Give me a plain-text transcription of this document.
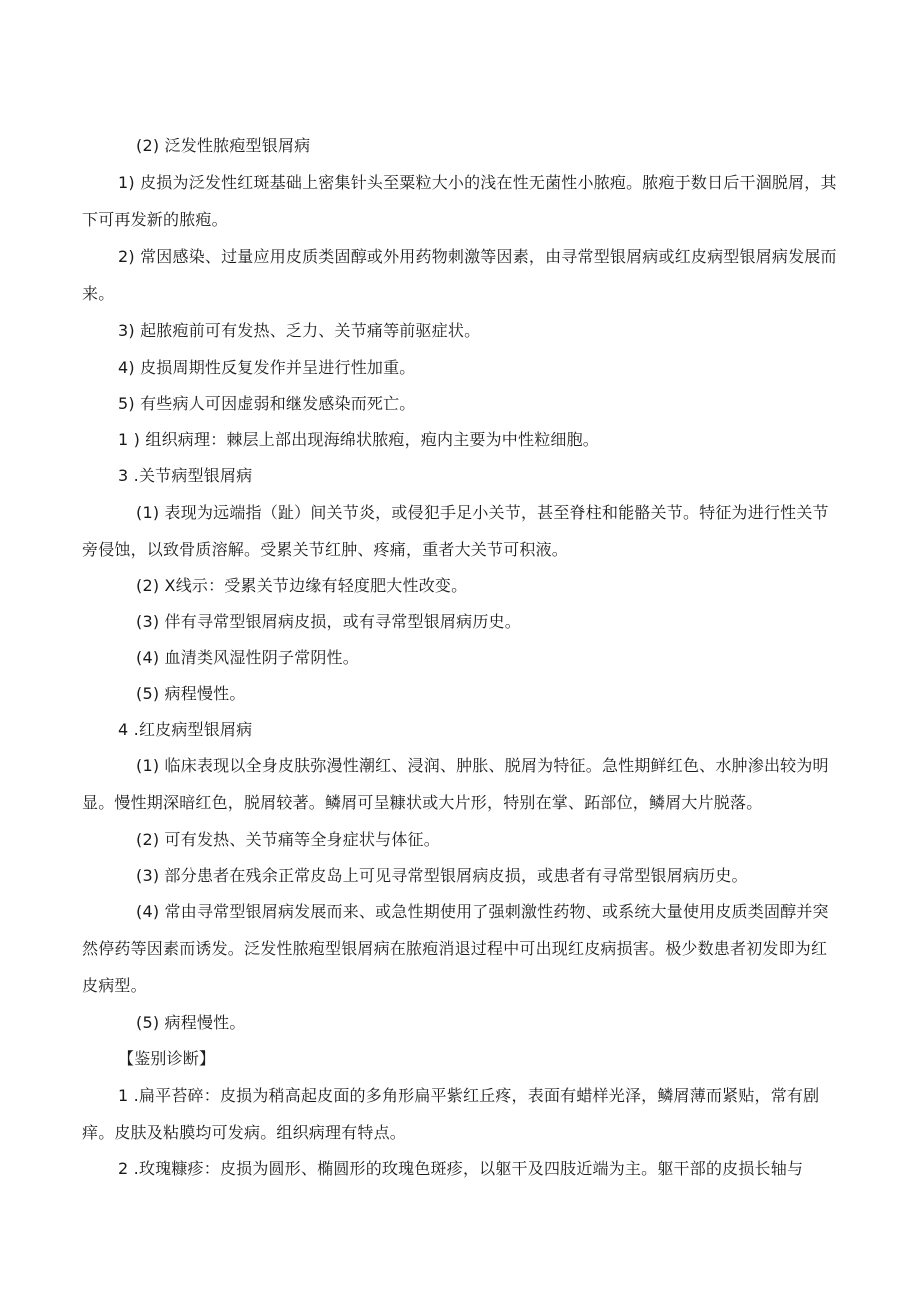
(2) 泛发性脓疱型银屑病

1) 皮损为泛发性红斑基础上密集针头至粟粒大小的浅在性无菌性小脓疱。脓疱于数日后干涸脱屑，其下可再发新的脓疱。

2) 常因感染、过量应用皮质类固醇或外用药物刺激等因素，由寻常型银屑病或红皮病型银屑病发展而来。

3) 起脓疱前可有发热、乏力、关节痛等前驱症状。

4) 皮损周期性反复发作并呈进行性加重。

5) 有些病人可因虚弱和继发感染而死亡。

1 ) 组织病理：棘层上部出现海绵状脓疱，疱内主要为中性粒细胞。

3 .关节病型银屑病

(1) 表现为远端指（趾）间关节炎，或侵犯手足小关节，甚至脊柱和能骼关节。特征为进行性关节旁侵蚀，以致骨质溶解。受累关节红肿、疼痛，重者大关节可积液。

(2) X线示：受累关节边缘有轻度肥大性改变。

(3) 伴有寻常型银屑病皮损，或有寻常型银屑病历史。

(4) 血清类风湿性阴子常阴性。

(5) 病程慢性。

4 .红皮病型银屑病

(1) 临床表现以全身皮肤弥漫性潮红、浸润、肿胀、脱屑为特征。急性期鲜红色、水肿渗出较为明显。慢性期深暗红色，脱屑较著。鳞屑可呈糠状或大片形，特别在掌、跖部位，鳞屑大片脱落。

(2) 可有发热、关节痛等全身症状与体征。

(3) 部分患者在残余正常皮岛上可见寻常型银屑病皮损，或患者有寻常型银屑病历史。

(4) 常由寻常型银屑病发展而来、或急性期使用了强刺激性药物、或系统大量使用皮质类固醇并突然停药等因素而诱发。泛发性脓疱型银屑病在脓疱消退过程中可出现红皮病损害。极少数患者初发即为红皮病型。

(5) 病程慢性。

【鉴别诊断】

1 .扁平苔碎：皮损为稍高起皮面的多角形扁平紫红丘疼，表面有蜡样光泽，鳞屑薄而紧贴，常有剧痒。皮肤及粘膜均可发病。组织病理有特点。

2 .玫瑰糠疹：皮损为圆形、椭圆形的玫瑰色斑疹，以躯干及四肢近端为主。躯干部的皮损长轴与
